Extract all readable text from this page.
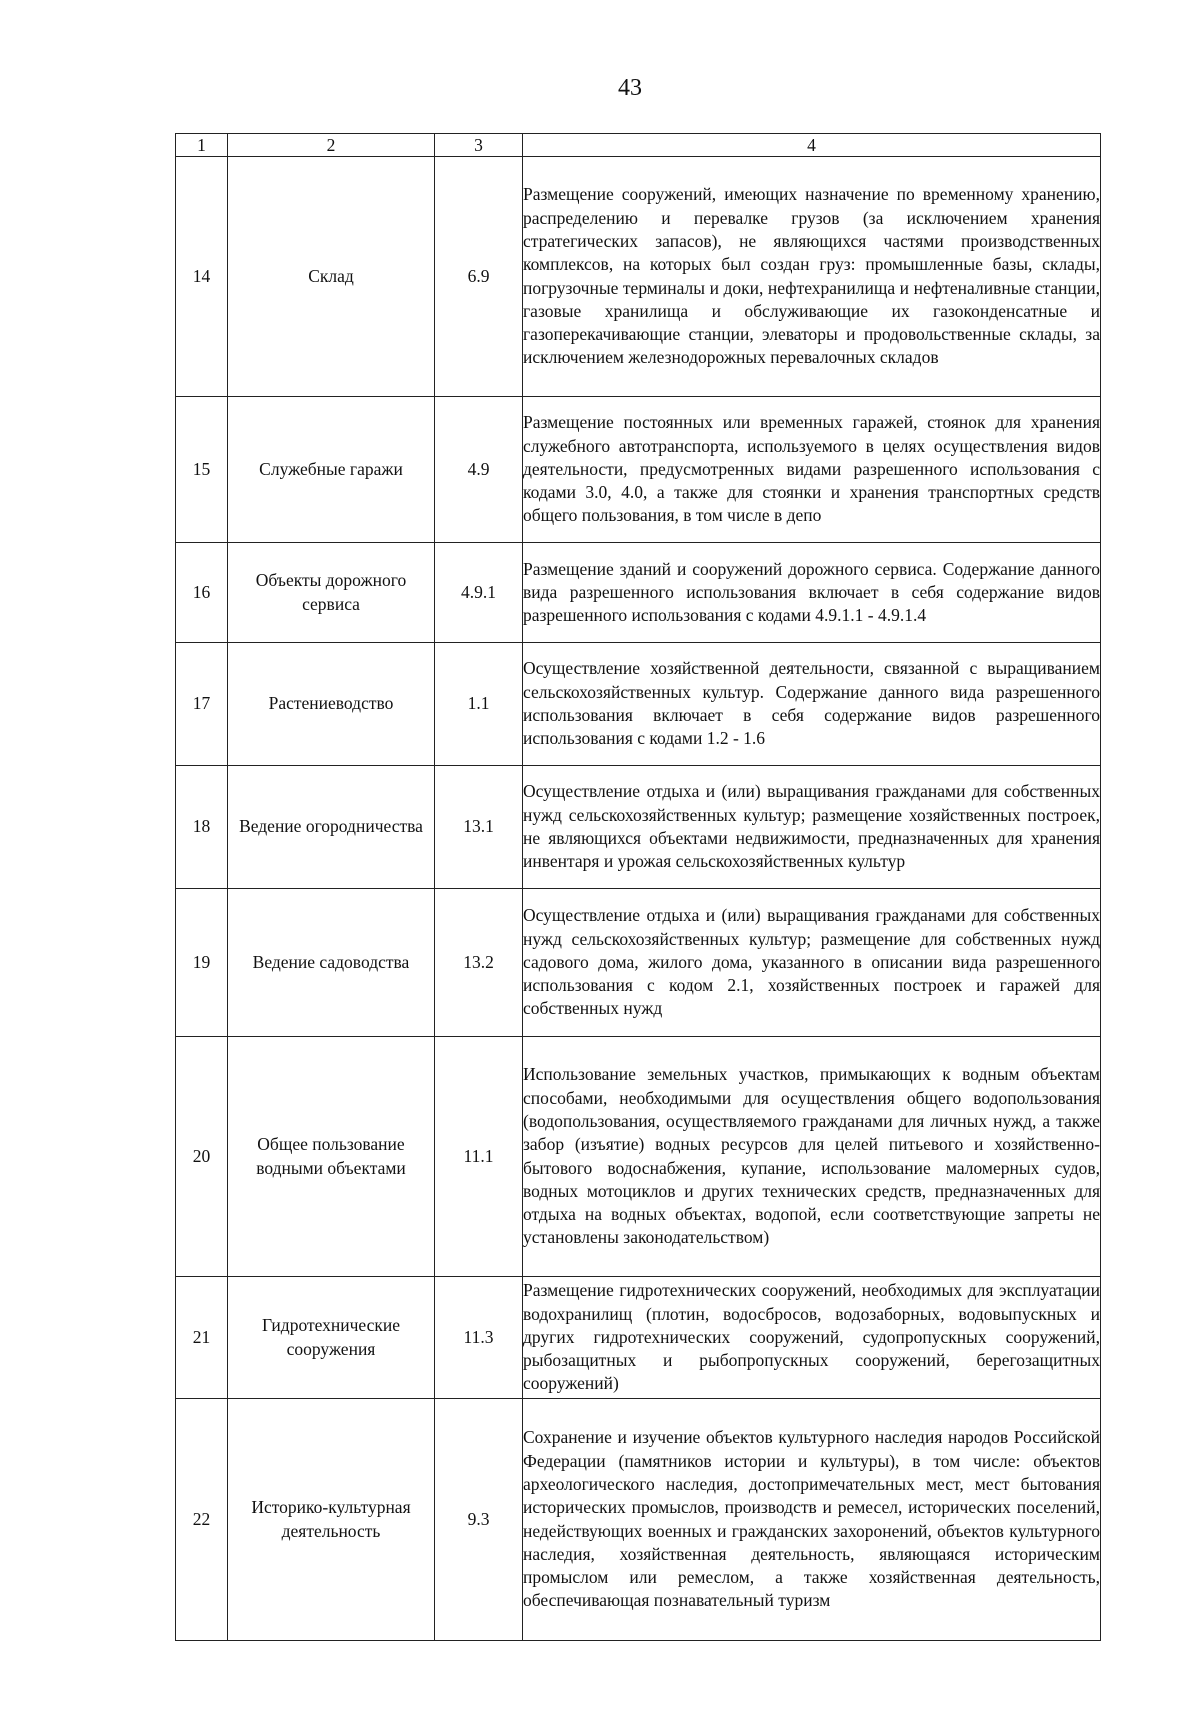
43
1	2	3	4
14	Склад	6.9	Размещение сооружений, имеющих назначение по временному хранению, распределению и перевалке грузов (за исключением хранения стратегических запасов), не являющихся частями производственных комплексов, на которых был создан груз: промышленные базы, склады, погрузочные терминалы и доки, нефтехранилища и нефтеналивные станции, газовые хранилища и обслуживающие их газоконденсатные и газоперекачивающие станции, элеваторы и продовольственные склады, за исключением железнодорожных перевалочных складов
15	Служебные гаражи	4.9	Размещение постоянных или временных гаражей, стоянок для хранения служебного автотранспорта, используемого в целях осуществления видов деятельности, предусмотренных видами разрешенного использования с кодами 3.0, 4.0, а также для стоянки и хранения транспортных средств общего пользования, в том числе в депо
16	Объекты дорожного сервиса	4.9.1	Размещение зданий и сооружений дорожного сервиса. Содержание данного вида разрешенного использования включает в себя содержание видов разрешенного использования с кодами 4.9.1.1 - 4.9.1.4
17	Растениеводство	1.1	Осуществление хозяйственной деятельности, связанной с выращиванием сельскохозяйственных культур. Содержание данного вида разрешенного использования включает в себя содержание видов разрешенного использования с кодами 1.2 - 1.6
18	Ведение огородничества	13.1	Осуществление отдыха и (или) выращивания гражданами для собственных нужд сельскохозяйственных культур; размещение хозяйственных построек, не являющихся объектами недвижимости, предназначенных для хранения инвентаря и урожая сельскохозяйственных культур
19	Ведение садоводства	13.2	Осуществление отдыха и (или) выращивания гражданами для собственных нужд сельскохозяйственных культур; размещение для собственных нужд садового дома, жилого дома, указанного в описании вида разрешенного использования с кодом 2.1, хозяйственных построек и гаражей для собственных нужд
20	Общее пользование водными объектами	11.1	Использование земельных участков, примыкающих к водным объектам способами, необходимыми для осуществления общего водопользования (водопользования, осуществляемого гражданами для личных нужд, а также забор (изъятие) водных ресурсов для целей питьевого и хозяйственно-бытового водоснабжения, купание, использование маломерных судов, водных мотоциклов и других технических средств, предназначенных для отдыха на водных объектах, водопой, если соответствующие запреты не установлены законодательством)
21	Гидротехнические сооружения	11.3	Размещение гидротехнических сооружений, необходимых для эксплуатации водохранилищ (плотин, водосбросов, водозаборных, водовыпускных и других гидротехнических сооружений, судопропускных сооружений, рыбозащитных и рыбопропускных сооружений, берегозащитных сооружений)
22	Историко-культурная деятельность	9.3	Сохранение и изучение объектов культурного наследия народов Российской Федерации (памятников истории и культуры), в том числе: объектов археологического наследия, достопримечательных мест, мест бытования исторических промыслов, производств и ремесел, исторических поселений, недействующих военных и гражданских захоронений, объектов культурного наследия, хозяйственная деятельность, являющаяся историческим промыслом или ремеслом, а также хозяйственная деятельность, обеспечивающая познавательный туризм
